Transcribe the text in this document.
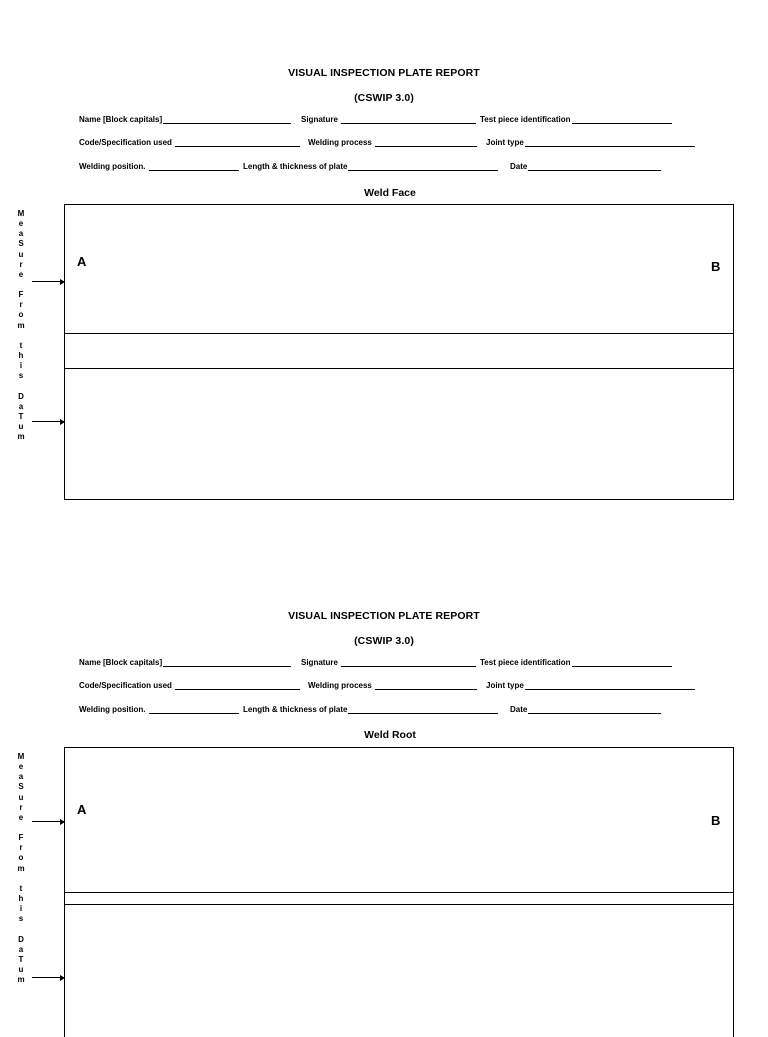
VISUAL INSPECTION PLATE REPORT
(CSWIP 3.0)
Name [Block capitals]	Signature	Test piece identification
Code/Specification used	Welding process	Joint type
Welding position.	Length & thickness of plate	Date
Weld Face
A	B
M
e
a
S
u
r
e
F
r
o
m
t
h
i
s
D
a
T
u
m
VISUAL INSPECTION PLATE REPORT
(CSWIP 3.0)
Name [Block capitals]	Signature	Test piece identification
Code/Specification used	Welding process	Joint type
Welding position.	Length & thickness of plate	Date
Weld Root
A
B
M
e
a
S
u
r
e
F
r
o
m
t
h
i
s
D
a
T
u
m
